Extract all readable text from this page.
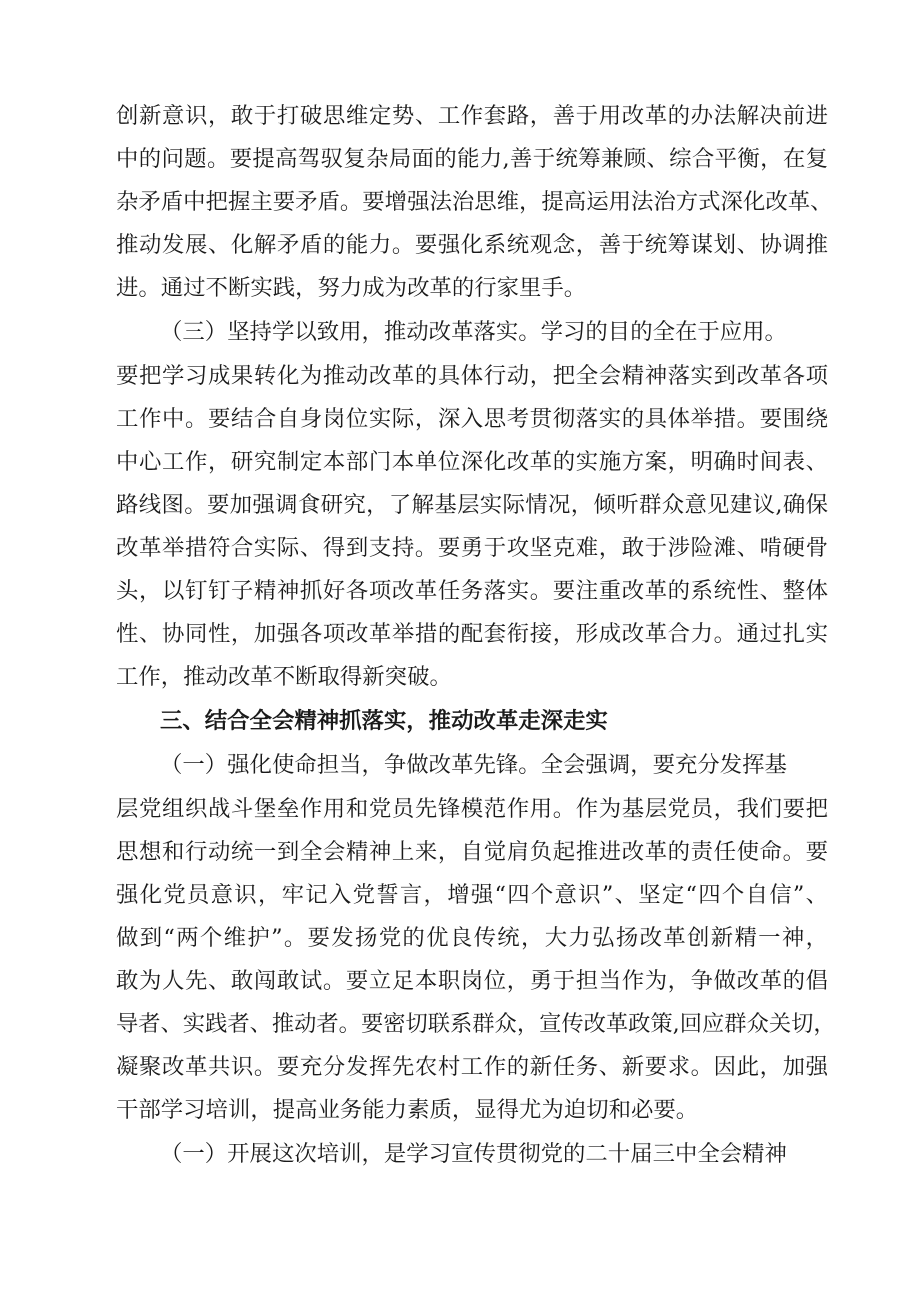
创新意识，敢于打破思维定势、工作套路，善于用改革的办法解决前进
中的问题。要提高驾驭复杂局面的能力,善于统筹兼顾、综合平衡，在复
杂矛盾中把握主要矛盾。要增强法治思维，提高运用法治方式深化改革、
推动发展、化解矛盾的能力。要强化系统观念，善于统筹谋划、协调推
进。通过不断实践，努力成为改革的行家里手。
（三）坚持学以致用，推动改革落实。学习的目的全在于应用。
要把学习成果转化为推动改革的具体行动，把全会精神落实到改革各项
工作中。要结合自身岗位实际，深入思考贯彻落实的具体举措。要围绕
中心工作，研究制定本部门本单位深化改革的实施方案，明确时间表、
路线图。要加强调食研究，了解基层实际情况，倾听群众意见建议,确保
改革举措符合实际、得到支持。要勇于攻坚克难，敢于涉险滩、啃硬骨
头，以钉钉子精神抓好各项改革任务落实。要注重改革的系统性、整体
性、协同性，加强各项改革举措的配套衔接，形成改革合力。通过扎实
工作，推动改革不断取得新突破。
三、结合全会精神抓落实，推动改革走深走实
（一）强化使命担当，争做改革先锋。全会强调，要充分发挥基
层党组织战斗堡垒作用和党员先锋模范作用。作为基层党员，我们要把
思想和行动统一到全会精神上来，自觉肩负起推进改革的责任使命。要
强化党员意识，牢记入党誓言，增强“四个意识”、坚定“四个自信”、
做到“两个维护”。要发扬党的优良传统，大力弘扬改革创新精一神，
敢为人先、敢闯敢试。要立足本职岗位，勇于担当作为，争做改革的倡
导者、实践者、推动者。要密切联系群众，宣传改革政策,回应群众关切，
凝聚改革共识。要充分发挥先农村工作的新任务、新要求。因此，加强
干部学习培训，提高业务能力素质，显得尤为迫切和必要。
（一）开展这次培训，是学习宣传贯彻党的二十届三中全会精神
